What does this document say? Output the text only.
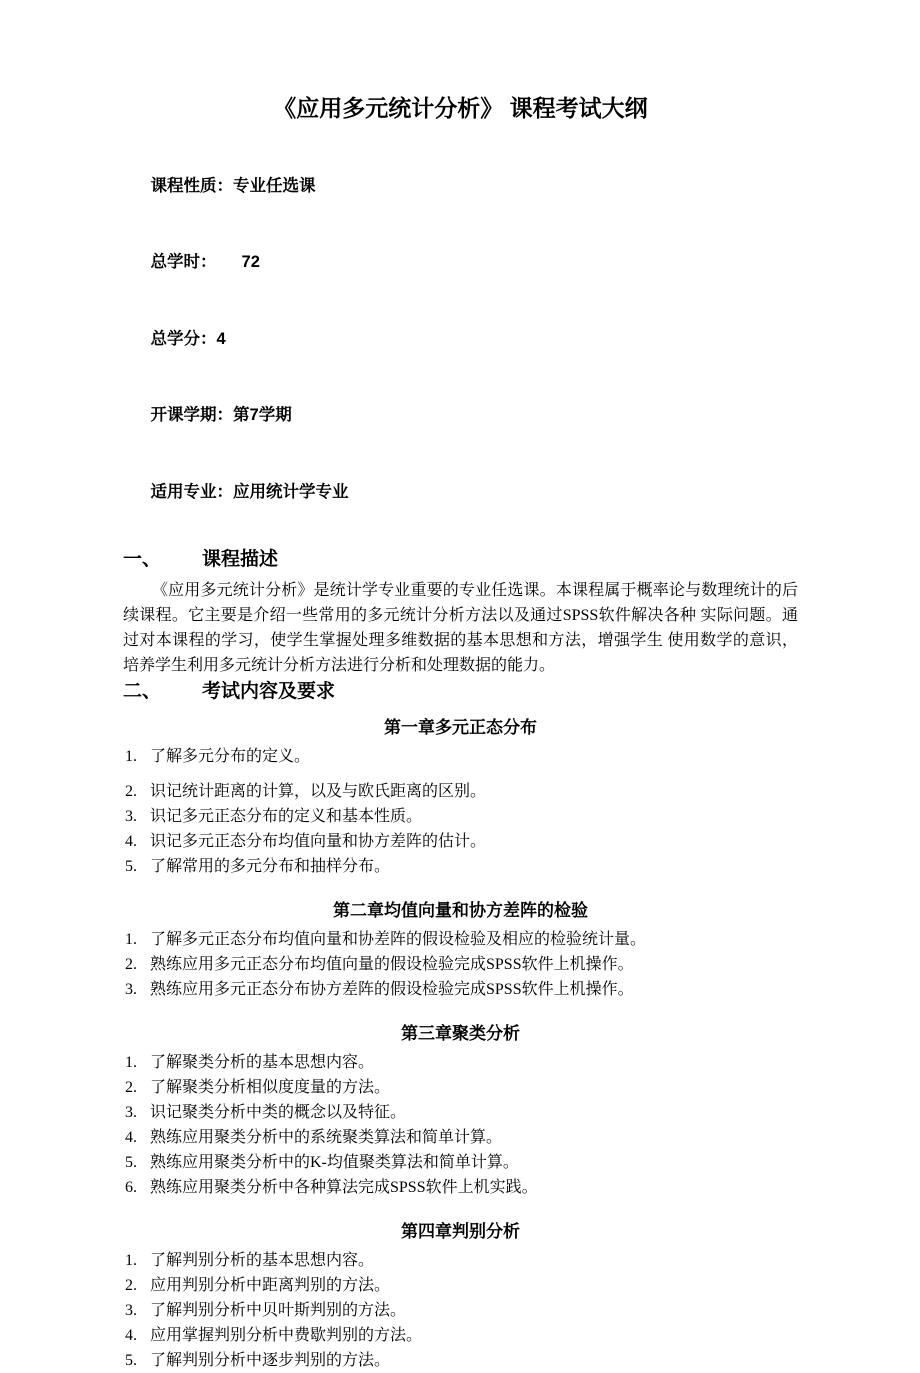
《应用多元统计分析》 课程考试大纲

课程性质：专业任选课

总学时： 72

总学分：4

开课学期：第7学期

适用专业：应用统计学专业

一、	课程描述

《应用多元统计分析》是统计学专业重要的专业任选课。本课程属于概率论与数理统计的后续课程。它主要是介绍一些常用的多元统计分析方法以及通过SPSS软件解决各种 实际问题。通过对本课程的学习，使学生掌握处理多维数据的基本思想和方法，增强学生 使用数学的意识，培养学生利用多元统计分析方法进行分析和处理数据的能力。

二、	考试内容及要求
第一章多元正态分布
1. 了解多元分布的定义。
2. 识记统计距离的计算，以及与欧氏距离的区别。
3. 识记多元正态分布的定义和基本性质。
4. 识记多元正态分布均值向量和协方差阵的估计。
5. 了解常用的多元分布和抽样分布。
第二章均值向量和协方差阵的检验
1. 了解多元正态分布均值向量和协差阵的假设检验及相应的检验统计量。
2. 熟练应用多元正态分布均值向量的假设检验完成SPSS软件上机操作。
3. 熟练应用多元正态分布协方差阵的假设检验完成SPSS软件上机操作。
第三章聚类分析
1. 了解聚类分析的基本思想内容。
2. 了解聚类分析相似度度量的方法。
3. 识记聚类分析中类的概念以及特征。
4. 熟练应用聚类分析中的系统聚类算法和简单计算。
5. 熟练应用聚类分析中的K-均值聚类算法和简单计算。
6. 熟练应用聚类分析中各种算法完成SPSS软件上机实践。
第四章判别分析
1. 了解判别分析的基本思想内容。
2. 应用判别分析中距离判别的方法。
3. 了解判别分析中贝叶斯判别的方法。
4. 应用掌握判别分析中费歇判别的方法。
5. 了解判别分析中逐步判别的方法。
